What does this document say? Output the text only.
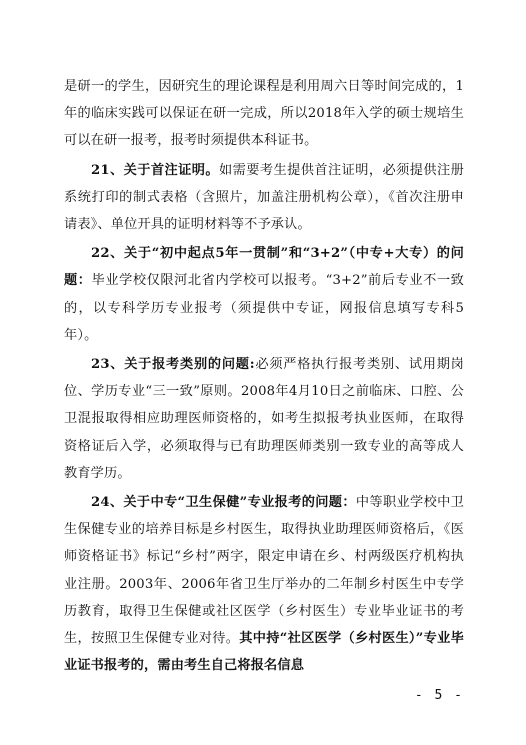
是研一的学生，因研究生的理论课程是利用周六日等时间完成的，1年的临床实践可以保证在研一完成，所以2018年入学的硕士规培生可以在研一报考，报考时须提供本科证书。

21、关于首注证明。如需要考生提供首注证明，必须提供注册系统打印的制式表格（含照片，加盖注册机构公章），《首次注册申请表》、单位开具的证明材料等不予承认。

22、关于“初中起点5年一贯制”和“3+2”（中专+大专）的问题：毕业学校仅限河北省内学校可以报考。“3+2”前后专业不一致的，以专科学历专业报考（须提供中专证，网报信息填写专科5年）。

23、关于报考类别的问题:必须严格执行报考类别、试用期岗位、学历专业“三一致”原则。2008年4月10日之前临床、口腔、公卫混报取得相应助理医师资格的，如考生拟报考执业医师，在取得资格证后入学，必须取得与已有助理医师类别一致专业的高等成人教育学历。

24、关于中专“卫生保健”专业报考的问题：中等职业学校中卫生保健专业的培养目标是乡村医生，取得执业助理医师资格后，《医师资格证书》标记“乡村”两字，限定申请在乡、村两级医疗机构执业注册。2003年、2006年省卫生厅举办的二年制乡村医生中专学历教育，取得卫生保健或社区医学（乡村医生）专业毕业证书的考生，按照卫生保健专业对待。其中持“社区医学（乡村医生）”专业毕业证书报考的，需由考生自己将报名信息

- 5 -
